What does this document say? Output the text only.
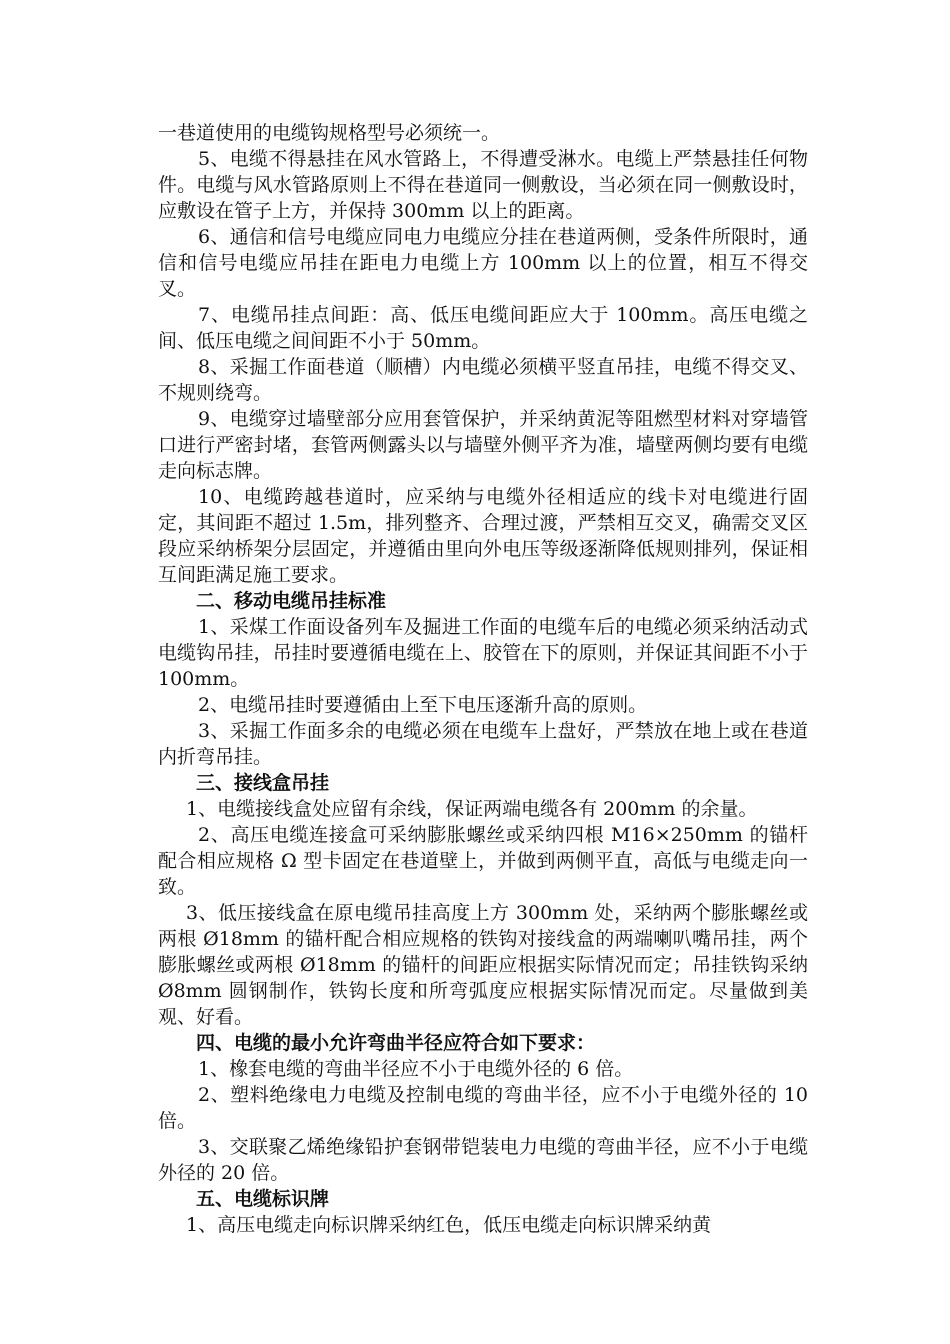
一巷道使用的电缆钩规格型号必须统一。

5、电缆不得悬挂在风水管路上，不得遭受淋水。电缆上严禁悬挂任何物件。电缆与风水管路原则上不得在巷道同一侧敷设，当必须在同一侧敷设时，应敷设在管子上方，并保持 300mm 以上的距离。

6、通信和信号电缆应同电力电缆应分挂在巷道两侧，受条件所限时，通信和信号电缆应吊挂在距电力电缆上方 100mm 以上的位置，相互不得交叉。

7、电缆吊挂点间距：高、低压电缆间距应大于 100mm。高压电缆之间、低压电缆之间间距不小于 50mm。

8、采掘工作面巷道（顺槽）内电缆必须横平竖直吊挂，电缆不得交叉、不规则绕弯。

9、电缆穿过墙壁部分应用套管保护，并采纳黄泥等阻燃型材料对穿墙管口进行严密封堵，套管两侧露头以与墙壁外侧平齐为准，墙壁两侧均要有电缆走向标志牌。

10、电缆跨越巷道时，应采纳与电缆外径相适应的线卡对电缆进行固定，其间距不超过 1.5m，排列整齐、合理过渡，严禁相互交叉，确需交叉区段应采纳桥架分层固定，并遵循由里向外电压等级逐渐降低规则排列，保证相互间距满足施工要求。

二、移动电缆吊挂标准

1、采煤工作面设备列车及掘进工作面的电缆车后的电缆必须采纳活动式电缆钩吊挂，吊挂时要遵循电缆在上、胶管在下的原则，并保证其间距不小于 100mm。

2、电缆吊挂时要遵循由上至下电压逐渐升高的原则。

3、采掘工作面多余的电缆必须在电缆车上盘好，严禁放在地上或在巷道内折弯吊挂。

三、接线盒吊挂

1、电缆接线盒处应留有余线，保证两端电缆各有 200mm 的余量。

2、高压电缆连接盒可采纳膨胀螺丝或采纳四根 M16×250mm 的锚杆配合相应规格 Ω 型卡固定在巷道壁上，并做到两侧平直，高低与电缆走向一致。

3、低压接线盒在原电缆吊挂高度上方 300mm 处，采纳两个膨胀螺丝或两根 Ø18mm 的锚杆配合相应规格的铁钩对接线盒的两端喇叭嘴吊挂，两个膨胀螺丝或两根 Ø18mm 的锚杆的间距应根据实际情况而定；吊挂铁钩采纳 Ø8mm 圆钢制作，铁钩长度和所弯弧度应根据实际情况而定。尽量做到美观、好看。

四、电缆的最小允许弯曲半径应符合如下要求：

1、橡套电缆的弯曲半径应不小于电缆外径的 6 倍。

2、塑料绝缘电力电缆及控制电缆的弯曲半径，应不小于电缆外径的 10 倍。

3、交联聚乙烯绝缘铅护套钢带铠装电力电缆的弯曲半径，应不小于电缆外径的 20 倍。

五、电缆标识牌

1、高压电缆走向标识牌采纳红色，低压电缆走向标识牌采纳黄
